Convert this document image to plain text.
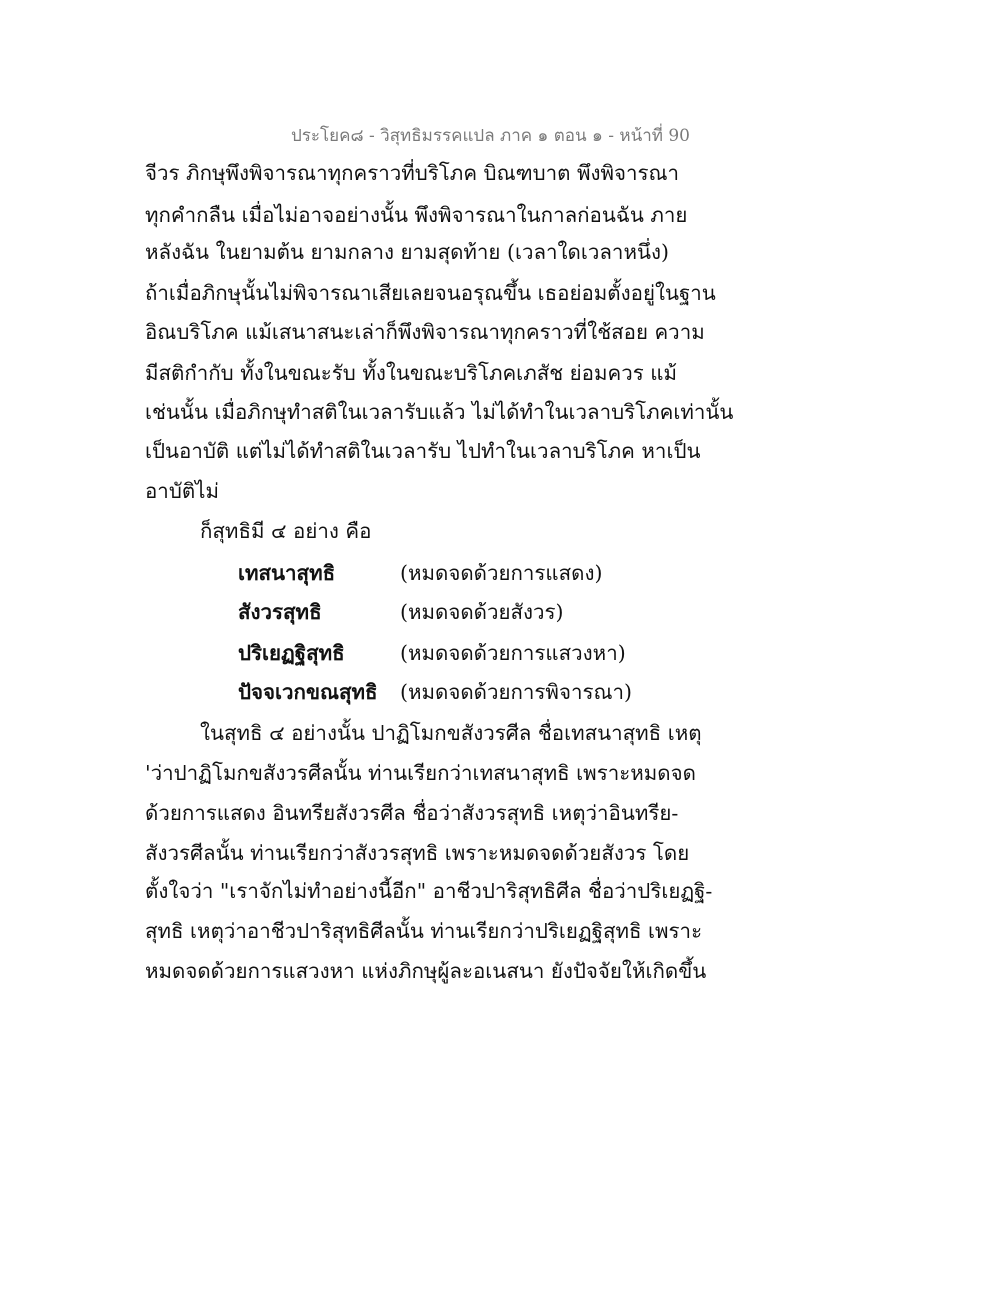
ประโยค๘ - วิสุทธิมรรคแปล ภาค ๑ ตอน ๑ - หน้าที่ 90
จีวร ภิกษุพึงพิจารณาทุกคราวที่บริโภค บิณฑบาต พึงพิจารณา
ทุกคำกลืน เมื่อไม่อาจอย่างนั้น พึงพิจารณาในกาลก่อนฉัน ภาย
หลังฉัน ในยามต้น ยามกลาง ยามสุดท้าย (เวลาใดเวลาหนึ่ง)
ถ้าเมื่อภิกษุนั้นไม่พิจารณาเสียเลยจนอรุณขึ้น เธอย่อมตั้งอยู่ในฐาน
อิณบริโภค แม้เสนาสนะเล่าก็พึงพิจารณาทุกคราวที่ใช้สอย ความ
มีสติกำกับ ทั้งในขณะรับ ทั้งในขณะบริโภคเภสัช ย่อมควร แม้
เช่นนั้น เมื่อภิกษุทำสติในเวลารับแล้ว ไม่ได้ทำในเวลาบริโภคเท่านั้น
เป็นอาบัติ แต่ไม่ได้ทำสติในเวลารับ ไปทำในเวลาบริโภค หาเป็น
อาบัติไม่
ก็สุทธิมี ๔ อย่าง คือ
เทสนาสุทธิ	(หมดจดด้วยการแสดง)
สังวรสุทธิ	(หมดจดด้วยสังวร)
ปริเยฏฐิสุทธิ	(หมดจดด้วยการแสวงหา)
ปัจจเวกขณสุทธิ (หมดจดด้วยการพิจารณา)
ในสุทธิ ๔ อย่างนั้น ปาฏิโมกขสังวรศีล ชื่อเทสนาสุทธิ เหตุ
'ว่าปาฏิโมกขสังวรศีลนั้น ท่านเรียกว่าเทสนาสุทธิ เพราะหมดจด
ด้วยการแสดง อินทรียสังวรศีล ชื่อว่าสังวรสุทธิ เหตุว่าอินทรีย-
สังวรศีลนั้น ท่านเรียกว่าสังวรสุทธิ เพราะหมดจดด้วยสังวร โดย
ตั้งใจว่า "เราจักไม่ทำอย่างนี้อีก" อาชีวปาริสุทธิศีล ชื่อว่าปริเยฏฐิ-
สุทธิ เหตุว่าอาชีวปาริสุทธิศีลนั้น ท่านเรียกว่าปริเยฏฐิสุทธิ เพราะ
หมดจดด้วยการแสวงหา แห่งภิกษุผู้ละอเนสนา ยังปัจจัยให้เกิดขึ้น
